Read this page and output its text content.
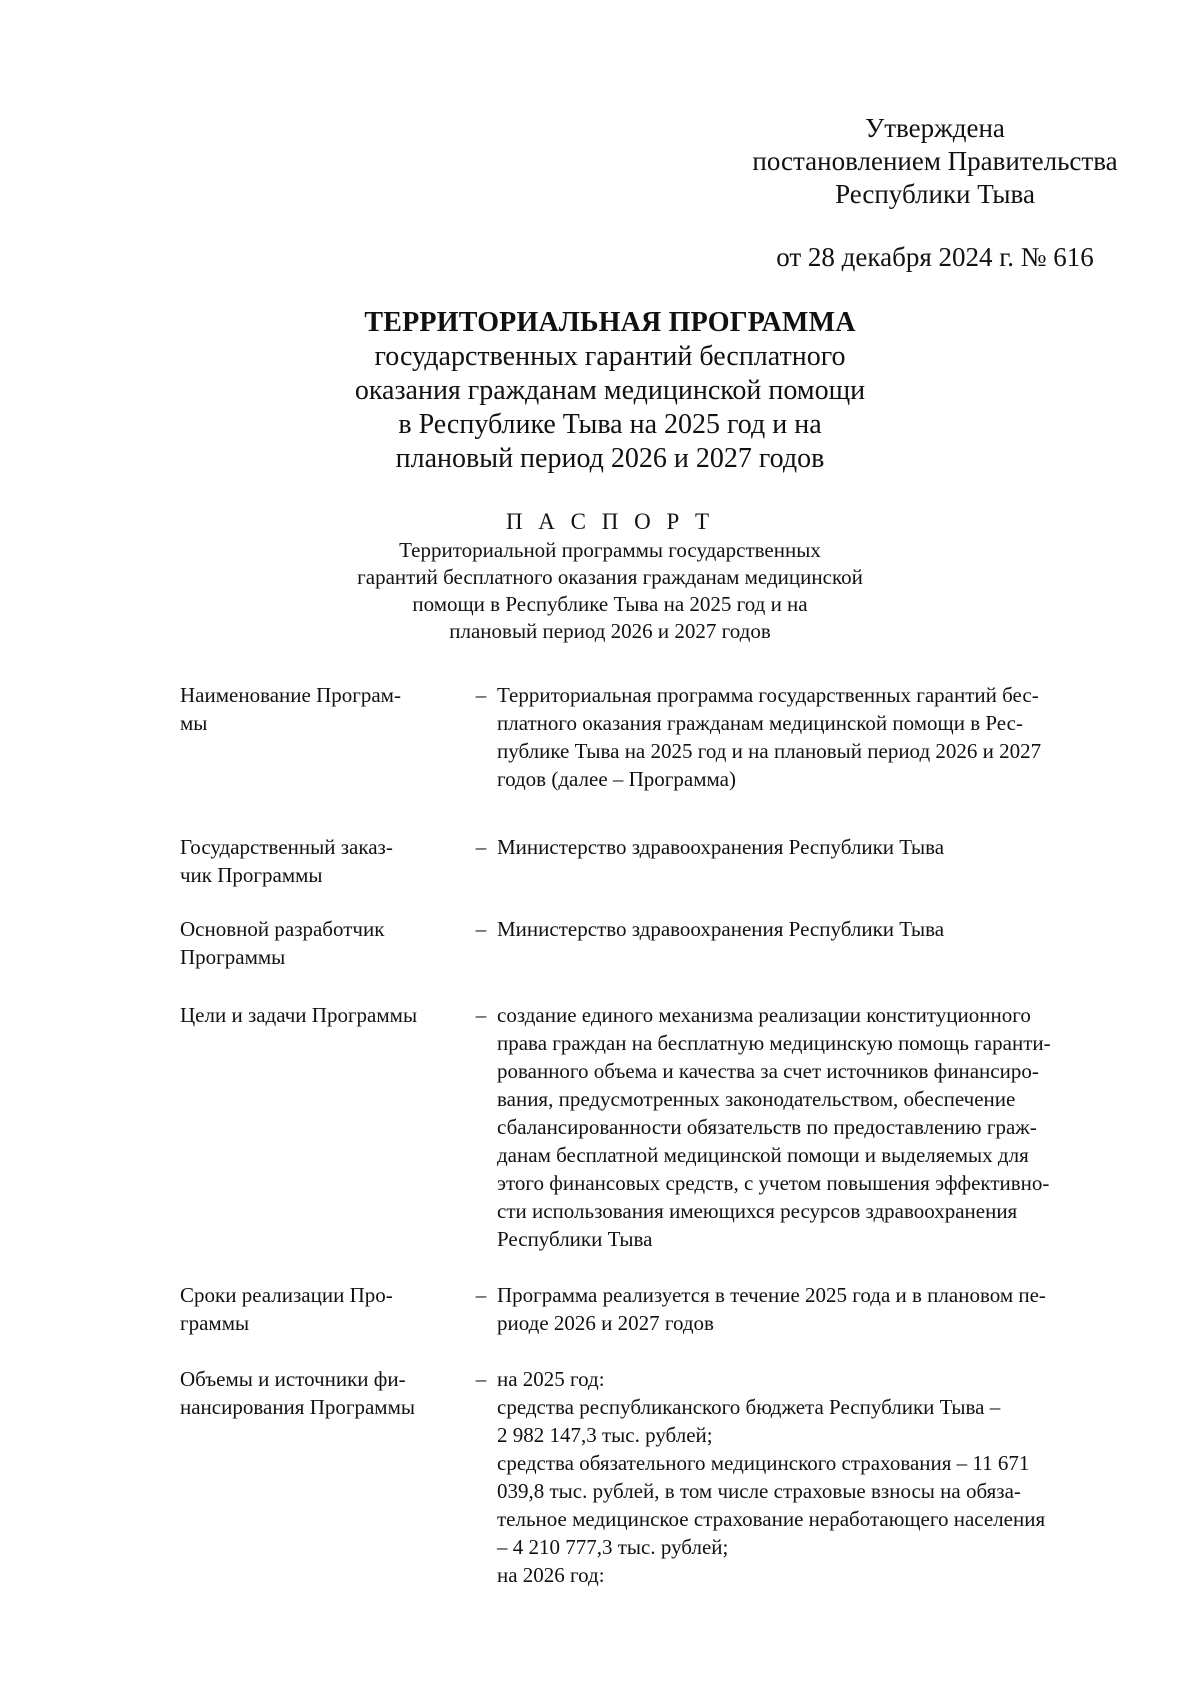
Утверждена
постановлением Правительства
Республики Тыва
от 28 декабря 2024 г. № 616
ТЕРРИТОРИАЛЬНАЯ ПРОГРАММА
государственных гарантий бесплатного
оказания гражданам медицинской помощи
в Республике Тыва на 2025 год и на
плановый период 2026 и 2027 годов
П А С П О Р Т
Территориальной программы государственных
гарантий бесплатного оказания гражданам медицинской
помощи в Республике Тыва на 2025 год и на
плановый период 2026 и 2027 годов
Наименование Програм-
мы
– Территориальная программа государственных гарантий бес-
платного оказания гражданам медицинской помощи в Рес-
публике Тыва на 2025 год и на плановый период 2026 и 2027
годов (далее – Программа)
Государственный заказ-
чик Программы
– Министерство здравоохранения Республики Тыва
Основной разработчик
Программы
– Министерство здравоохранения Республики Тыва
Цели и задачи Программы	– создание единого механизма реализации конституционного
права граждан на бесплатную медицинскую помощь гаранти-
рованного объема и качества за счет источников финансиро-
вания, предусмотренных законодательством, обеспечение
сбалансированности обязательств по предоставлению граж-
данам бесплатной медицинской помощи и выделяемых для
этого финансовых средств, с учетом повышения эффективно-
сти использования имеющихся ресурсов здравоохранения
Республики Тыва
Сроки реализации Про-
граммы
– Программа реализуется в течение 2025 года и в плановом пе-
риоде 2026 и 2027 годов
Объемы и источники фи-
нансирования Программы
– на 2025 год:
средства республиканского бюджета Республики Тыва –
2 982 147,3 тыс. рублей;
средства обязательного медицинского страхования – 11 671
039,8 тыс. рублей, в том числе страховые взносы на обяза-
тельное медицинское страхование неработающего населения
– 4 210 777,3 тыс. рублей;
на 2026 год:
